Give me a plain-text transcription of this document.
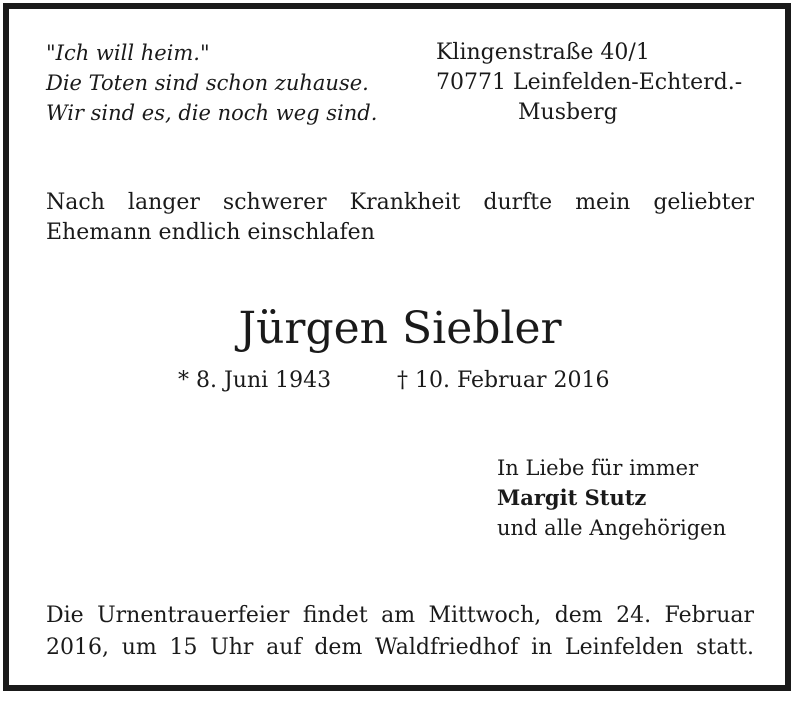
"Ich will heim."
Die Toten sind schon zuhause.
Wir sind es, die noch weg sind.
Klingenstraße 40/1
70771 Leinfelden-Echterd.-
Musberg
Nach langer schwerer Krankheit durfte mein geliebter
Ehemann endlich einschlafen
Jürgen Siebler
* 8. Juni 1943	† 10. Februar 2016
In Liebe für immer
Margit Stutz
und alle Angehörigen
Die Urnentrauerfeier findet am Mittwoch, dem 24. Februar
2016, um 15 Uhr auf dem Waldfriedhof in Leinfelden statt.
